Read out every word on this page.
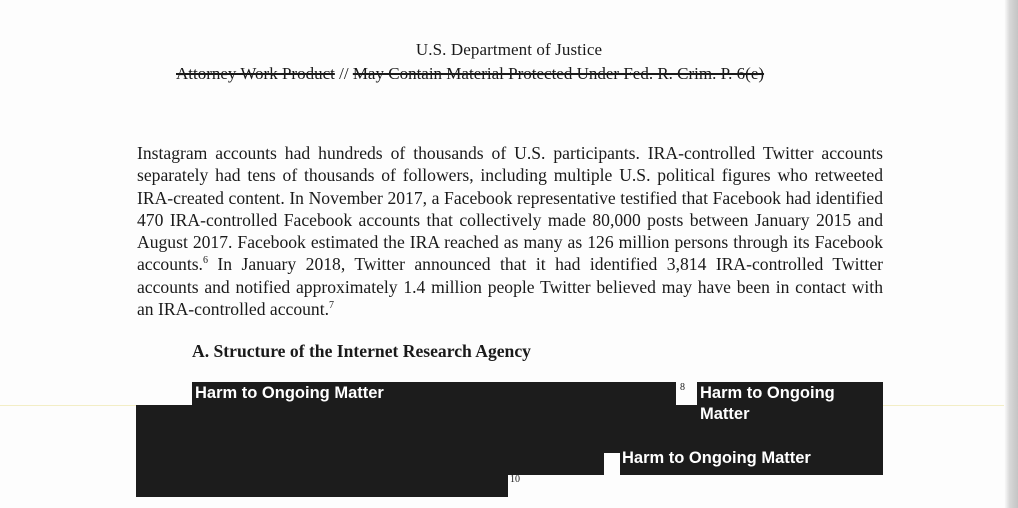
U.S. Department of Justice
Attorney Work Product // May Contain Material Protected Under Fed. R. Crim. P. 6(e)
Instagram accounts had hundreds of thousands of U.S. participants. IRA-controlled Twitter accounts separately had tens of thousands of followers, including multiple U.S. political figures who retweeted IRA-created content. In November 2017, a Facebook representative testified that Facebook had identified 470 IRA-controlled Facebook accounts that collectively made 80,000 posts between January 2015 and August 2017. Facebook estimated the IRA reached as many as 126 million persons through its Facebook accounts.$^6$ In January 2018, Twitter announced that it had identified 3,814 IRA-controlled Twitter accounts and notified approximately 1.4 million people Twitter believed may have been in contact with an IRA-controlled account.$^7$
A. Structure of the Internet Research Agency
Harm to Ongoing Matter	8 Harm to Ongoing Matter
Harm to Ongoing Matter
10
